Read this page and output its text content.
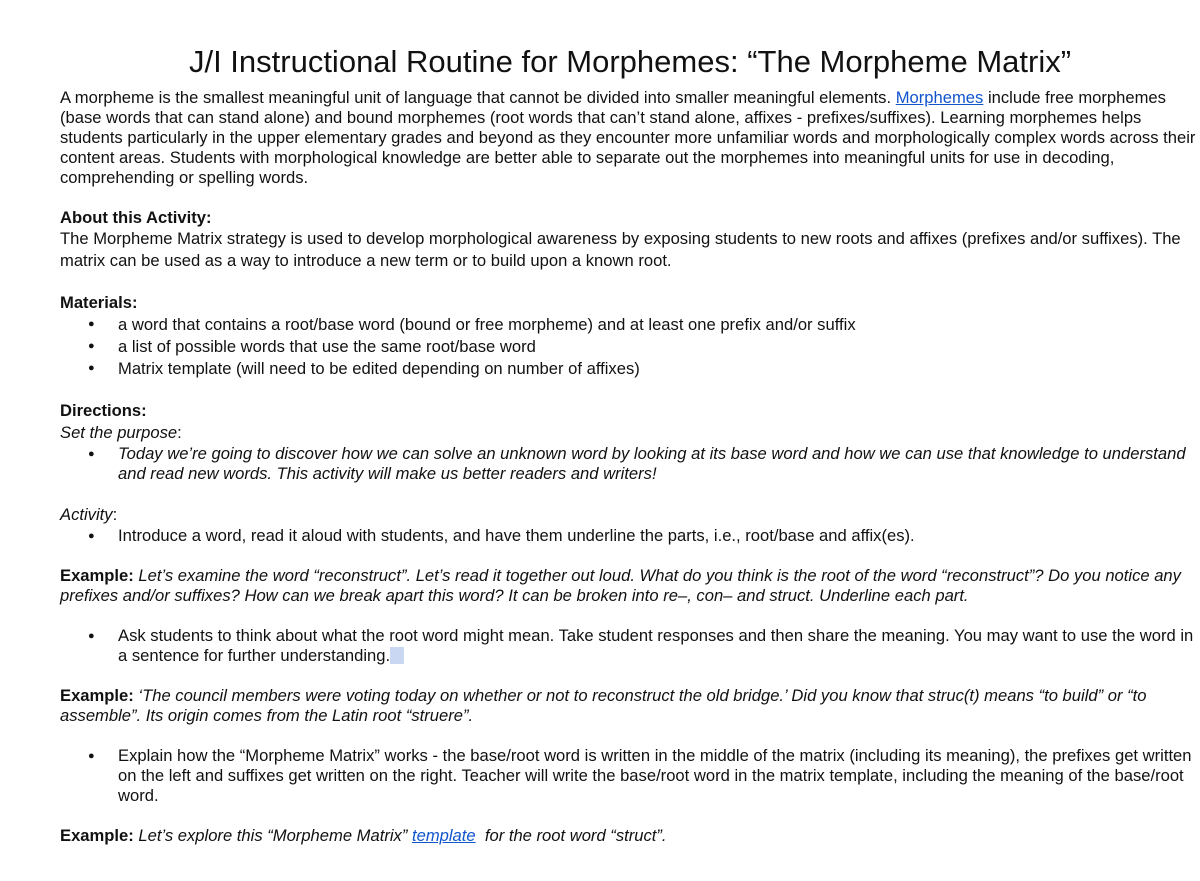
J/I Instructional Routine for Morphemes: “The Morpheme Matrix”

A morpheme is the smallest meaningful unit of language that cannot be divided into smaller meaningful elements. Morphemes include free morphemes (base words that can stand alone) and bound morphemes (root words that can’t stand alone, affixes - prefixes/suffixes). Learning morphemes helps students particularly in the upper elementary grades and beyond as they encounter more unfamiliar words and morphologically complex words across their content areas. Students with morphological knowledge are better able to separate out the morphemes into meaningful units for use in decoding, comprehending or spelling words.

About this Activity:

The Morpheme Matrix strategy is used to develop morphological awareness by exposing students to new roots and affixes (prefixes and/or suffixes). The matrix can be used as a way to introduce a new term or to build upon a known root.

Materials:

● a word that contains a root/base word (bound or free morpheme) and at least one prefix and/or suffix
● a list of possible words that use the same root/base word
● Matrix template (will need to be edited depending on number of affixes)

Directions:

Set the purpose:

● Today we’re going to discover how we can solve an unknown word by looking at its base word and how we can use that knowledge to understand and read new words. This activity will make us better readers and writers!

Activity:

● Introduce a word, read it aloud with students, and have them underline the parts, i.e., root/base and affix(es).

Example: Let’s examine the word “reconstruct”. Let’s read it together out loud. What do you think is the root of the word “reconstruct”? Do you notice any prefixes and/or suffixes? How can we break apart this word? It can be broken into re–, con– and struct. Underline each part.

● Ask students to think about what the root word might mean. Take student responses and then share the meaning. You may want to use the word in a sentence for further understanding.

Example: ‘The council members were voting today on whether or not to reconstruct the old bridge.’ Did you know that struc(t) means “to build” or “to assemble”. Its origin comes from the Latin root “struere”.

● Explain how the “Morpheme Matrix” works - the base/root word is written in the middle of the matrix (including its meaning), the prefixes get written on the left and suffixes get written on the right. Teacher will write the base/root word in the matrix template, including the meaning of the base/root word.

Example: Let’s explore this “Morpheme Matrix” template  for the root word “struct”.
